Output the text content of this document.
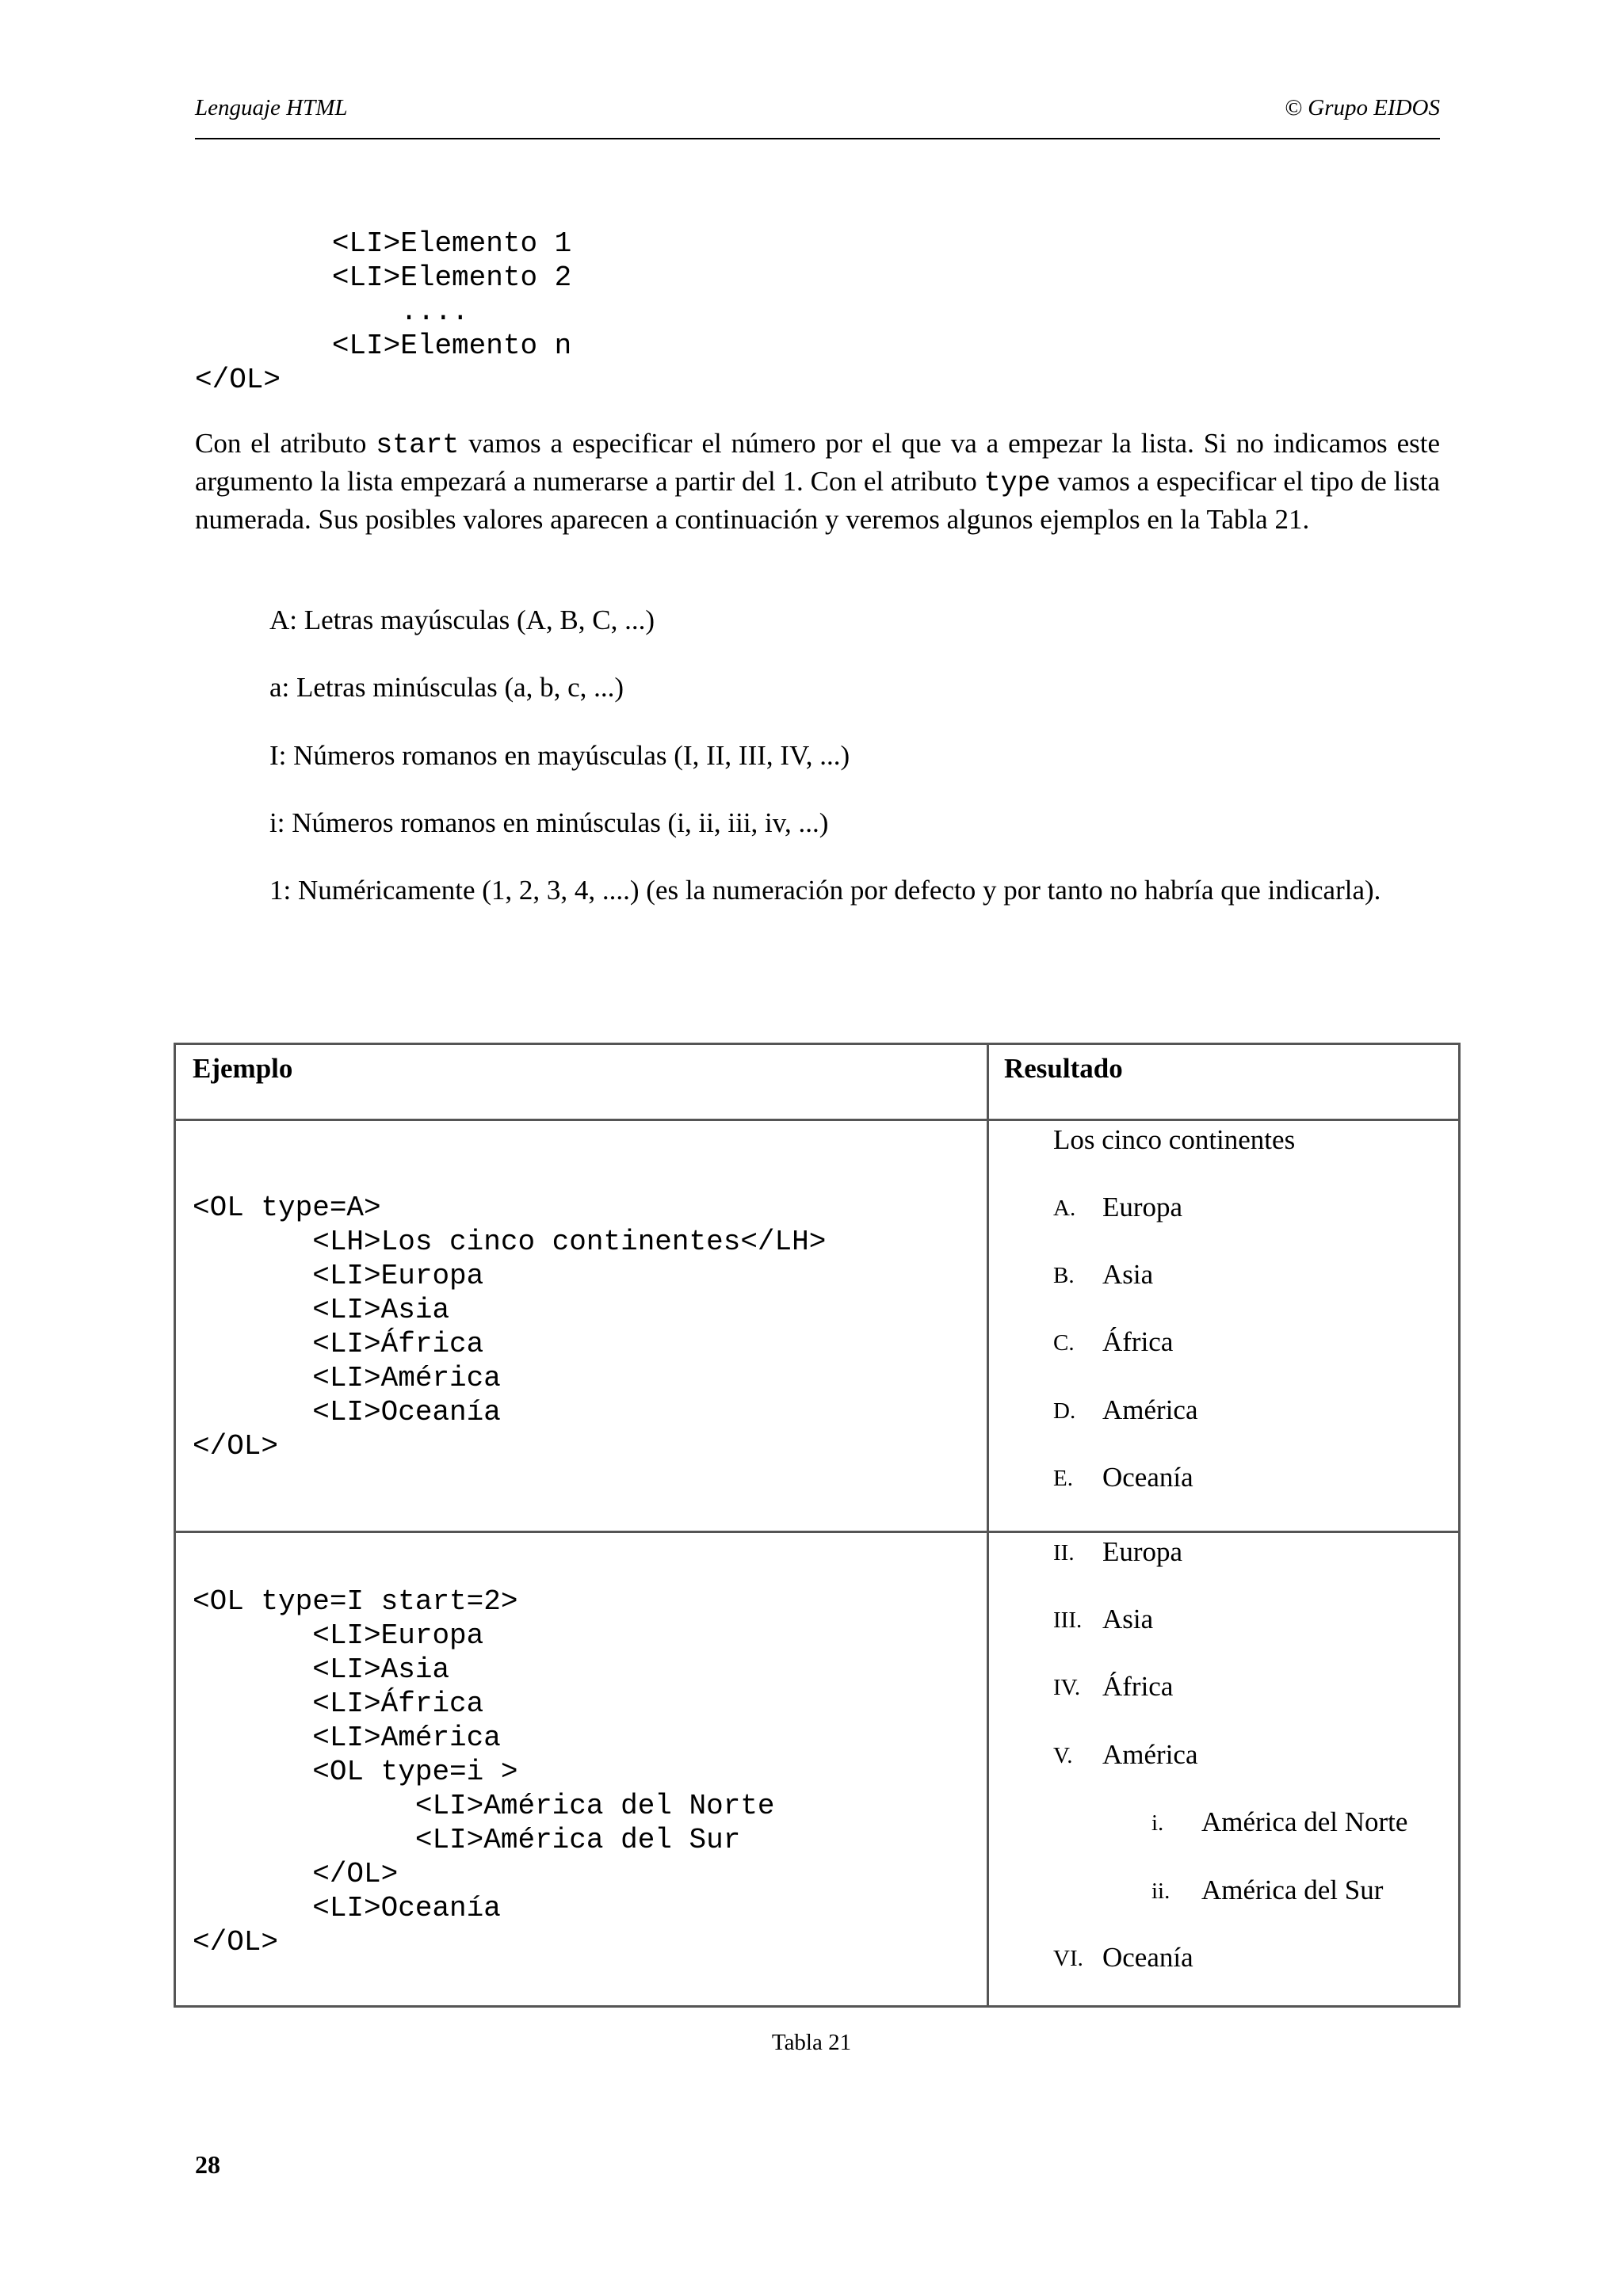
Lenguaje HTML	© Grupo EIDOS
<LI>Elemento 1
<LI>Elemento 2
....
<LI>Elemento n
</OL>
Con el atributo start vamos a especificar el número por el que va a empezar la lista. Si no indicamos este argumento la lista empezará a numerarse a partir del 1. Con el atributo type vamos a especificar el tipo de lista numerada. Sus posibles valores aparecen a continuación y veremos algunos ejemplos en la Tabla 21.
A: Letras mayúsculas (A, B, C, ...)
a: Letras minúsculas (a, b, c, ...)
I: Números romanos en mayúsculas (I, II, III, IV, ...)
i: Números romanos en minúsculas (i, ii, iii, iv, ...)
1: Numéricamente (1, 2, 3, 4, ....) (es la numeración por defecto y por tanto no habría que indicarla).
Ejemplo	Resultado
<OL type=A>
<LH>Los cinco continentes</LH>
<LI>Europa
<LI>Asia
<LI>África
<LI>América
<LI>Oceanía
</OL>
Los cinco continentes
A. Europa
B. Asia
C. África
D. América
E. Oceanía
<OL type=I start=2>
<LI>Europa
<LI>Asia
<LI>África
<LI>América
<OL type=i >
<LI>América del Norte
<LI>América del Sur
</OL>
<LI>Oceanía
</OL>
II. Europa
III. Asia
IV. África
V. América
i. América del Norte
ii. América del Sur
VI. Oceanía
Tabla 21
28
